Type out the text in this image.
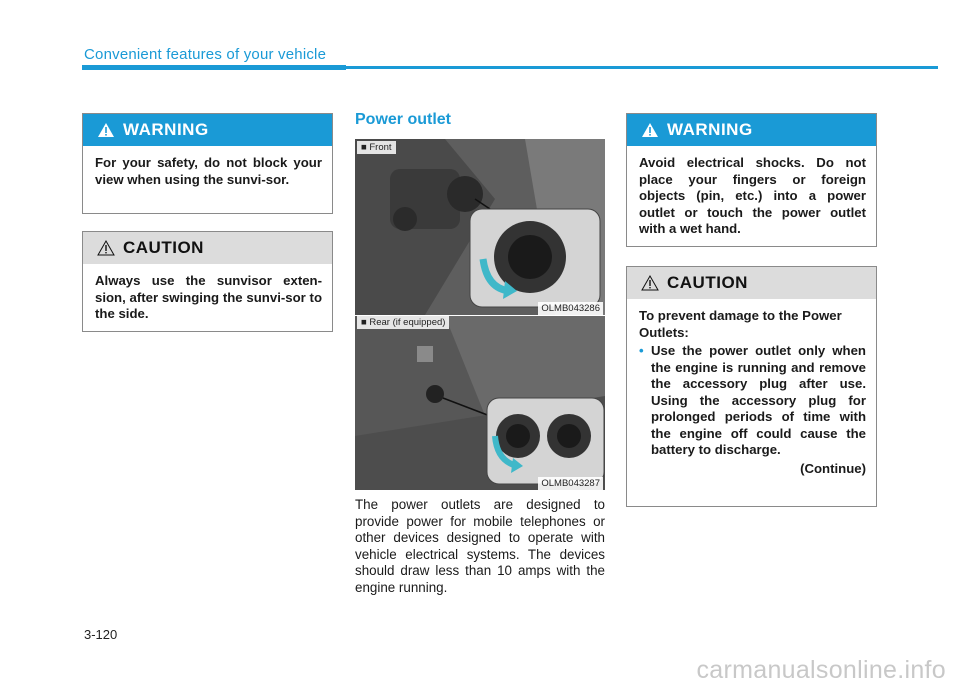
Convenient features of your vehicle
WARNING
For your safety, do not block your view when using the sunvi-sor.
CAUTION
Always use the sunvisor exten-sion, after swinging the sunvi-sor to the side.
Power outlet
■ Front
OLMB043286
■ Rear (if equipped)
OLMB043287
The power outlets are designed to provide power for mobile telephones or other devices designed to operate with vehicle electrical systems. The devices should draw less than 10 amps with the engine running.
WARNING
Avoid electrical shocks. Do not place your fingers or foreign objects (pin, etc.) into a power outlet or touch the power outlet with a wet hand.
CAUTION
To prevent damage to the Power Outlets:
• Use the power outlet only when the engine is running and remove the accessory plug after use. Using the accessory plug for prolonged periods of time with the engine off could cause the battery to discharge.
(Continue)
3-120
carmanualsonline.info
